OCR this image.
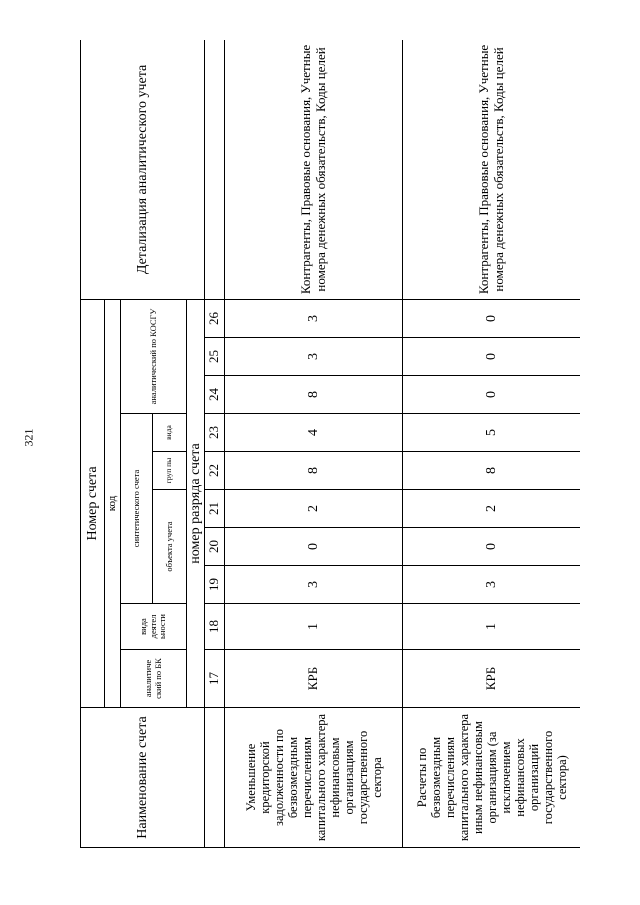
321
Наименование счета	Номер счета										Детализация аналитического учета
	код										
	аналитиче ский по БК	вида деятел ьности	синтетического счета					аналитический по КОСГУ			
			объекта учета			груп пы	вида				
	номер разряда счета										
	17	18	19	20	21	22	23	24	25	26	
Уменьшение кредиторской задолженности по безвозмездным перечислениям капитального характера нефинансовым организациям государственного сектора	КРБ	1	3	0	2	8	4	8	3	3	Контрагенты, Правовые основания, Учетные номера денежных обязательств, Коды целей
Расчеты по безвозмездным перечислениям капитального характера иным нефинансовым организациям (за исключением нефинансовых организаций государственного сектора)	КРБ	1	3	0	2	8	5	0	0	0	Контрагенты, Правовые основания, Учетные номера денежных обязательств, Коды целей
